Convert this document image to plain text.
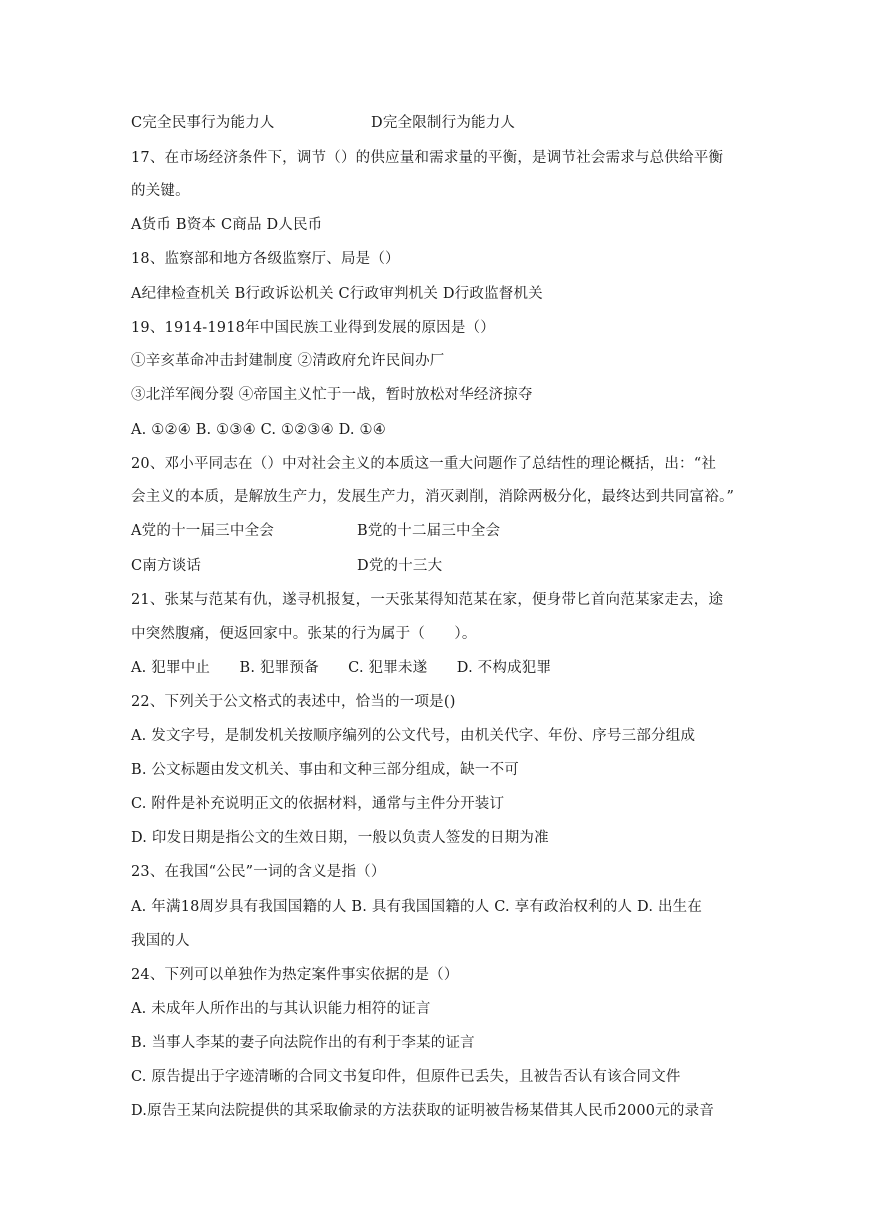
C完全民事行为能力人	D完全限制行为能力人
17、在市场经济条件下，调节（）的供应量和需求量的平衡，是调节社会需求与总供给平衡
的关键。
A货币 B资本 C商品 D人民币
18、监察部和地方各级监察厅、局是（）
A纪律检查机关 B行政诉讼机关 C行政审判机关 D行政监督机关
19、1914-1918年中国民族工业得到发展的原因是（）
①辛亥革命冲击封建制度 ②清政府允许民间办厂
③北洋军阀分裂 ④帝国主义忙于一战，暂时放松对华经济掠夺
A. ①②④ B. ①③④ C. ①②③④ D. ①④
20、邓小平同志在（）中对社会主义的本质这一重大问题作了总结性的理论概括，出：“社
会主义的本质，是解放生产力，发展生产力，消灭剥削，消除两极分化，最终达到共同富裕。”
A党的十一届三中全会	B党的十二届三中全会
C南方谈话	D党的十三大
21、张某与范某有仇，遂寻机报复，一天张某得知范某在家，便身带匕首向范某家走去，途
中突然腹痛，便返回家中。张某的行为属于（　　）。
A. 犯罪中止　　B. 犯罪预备　　C. 犯罪未遂　　D. 不构成犯罪
22、下列关于公文格式的表述中，恰当的一项是()
A. 发文字号，是制发机关按顺序编列的公文代号，由机关代字、年份、序号三部分组成
B. 公文标题由发文机关、事由和文种三部分组成，缺一不可
C. 附件是补充说明正文的依据材料，通常与主件分开装订
D. 印发日期是指公文的生效日期，一般以负责人签发的日期为准
23、在我国“公民”一词的含义是指（）
A. 年满18周岁具有我国国籍的人 B. 具有我国国籍的人 C. 享有政治权利的人 D. 出生在
我国的人
24、下列可以单独作为热定案件事实依据的是（）
A. 未成年人所作出的与其认识能力相符的证言
B. 当事人李某的妻子向法院作出的有利于李某的证言
C. 原告提出于字迹清晰的合同文书复印件，但原件已丢失，且被告否认有该合同文件
D.原告王某向法院提供的其采取偷录的方法获取的证明被告杨某借其人民币2000元的录音
